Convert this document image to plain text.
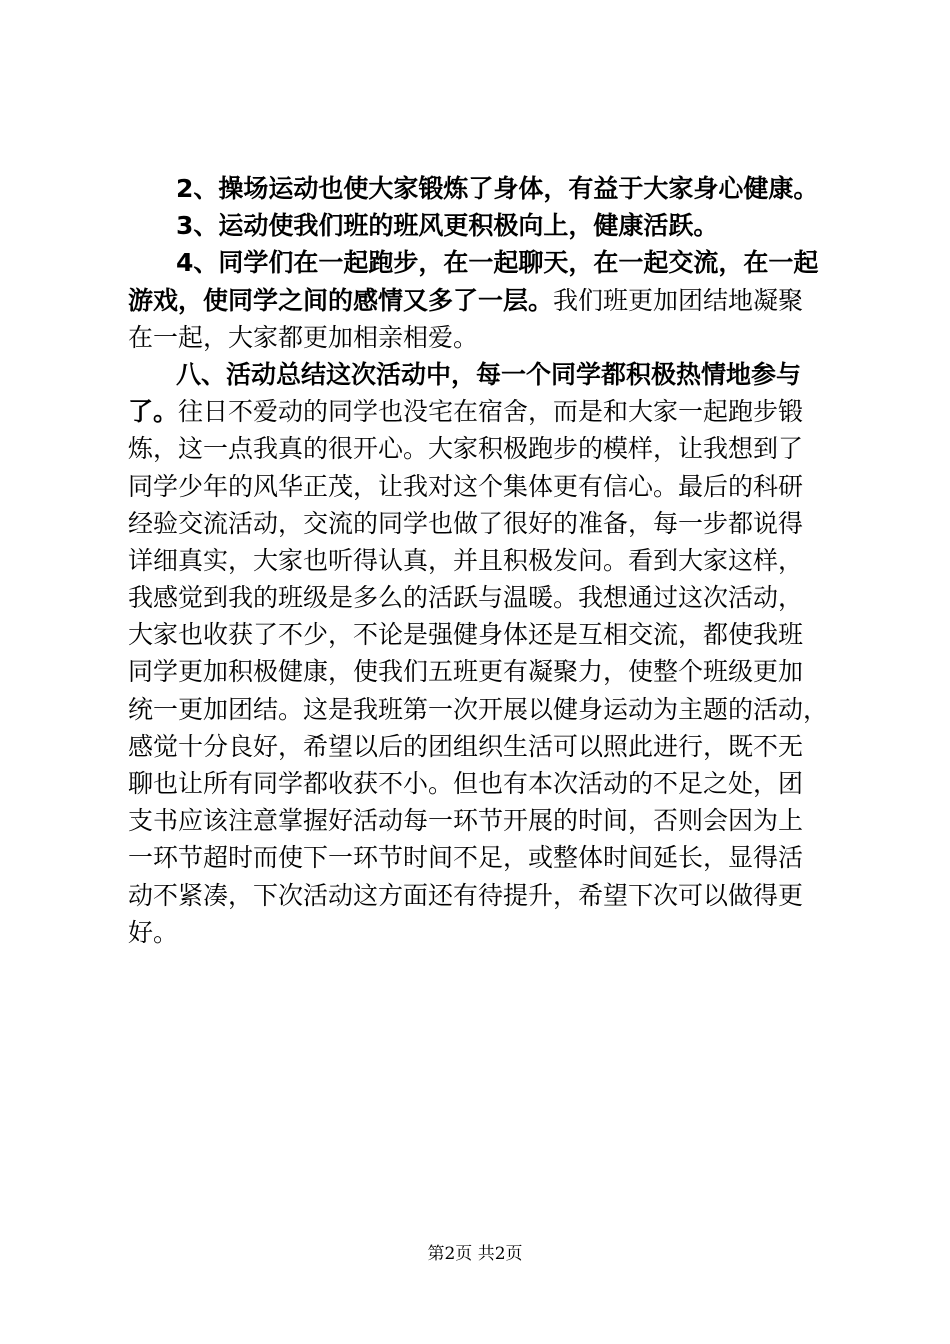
2、操场运动也使大家锻炼了身体，有益于大家身心健康。
3、运动使我们班的班风更积极向上，健康活跃。
4、同学们在一起跑步，在一起聊天，在一起交流，在一起
游戏，使同学之间的感情又多了一层。我们班更加团结地凝聚
在一起，大家都更加相亲相爱。
八、活动总结这次活动中，每一个同学都积极热情地参与
了。往日不爱动的同学也没宅在宿舍，而是和大家一起跑步锻
炼，这一点我真的很开心。大家积极跑步的模样，让我想到了
同学少年的风华正茂，让我对这个集体更有信心。最后的科研
经验交流活动，交流的同学也做了很好的准备，每一步都说得
详细真实，大家也听得认真，并且积极发问。看到大家这样，
我感觉到我的班级是多么的活跃与温暖。我想通过这次活动，
大家也收获了不少，不论是强健身体还是互相交流，都使我班
同学更加积极健康，使我们五班更有凝聚力，使整个班级更加
统一更加团结。这是我班第一次开展以健身运动为主题的活动，
感觉十分良好，希望以后的团组织生活可以照此进行，既不无
聊也让所有同学都收获不小。但也有本次活动的不足之处，团
支书应该注意掌握好活动每一环节开展的时间，否则会因为上
一环节超时而使下一环节时间不足，或整体时间延长，显得活
动不紧凑，下次活动这方面还有待提升，希望下次可以做得更
好。
第2页 共2页
